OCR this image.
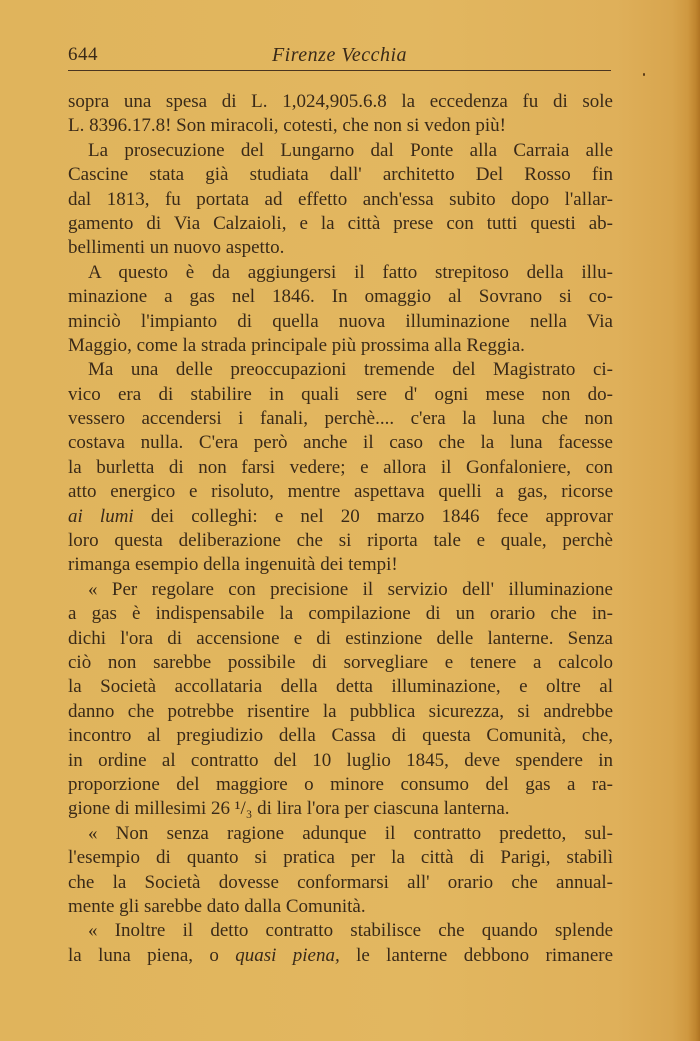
644	Firenze Vecchia
sopra una spesa di L. 1,024,905.6.8 la eccedenza fu di sole
L. 8396.17.8! Son miracoli, cotesti, che non si vedon più!
La prosecuzione del Lungarno dal Ponte alla Carraia alle
Cascine stata già studiata dall' architetto Del Rosso fin
dal 1813, fu portata ad effetto anch'essa subito dopo l'allar-
gamento di Via Calzaioli, e la città prese con tutti questi ab-
bellimenti un nuovo aspetto.
A questo è da aggiungersi il fatto strepitoso della illu-
minazione a gas nel 1846. In omaggio al Sovrano si co-
minciò l'impianto di quella nuova illuminazione nella Via
Maggio, come la strada principale più prossima alla Reggia.
Ma una delle preoccupazioni tremende del Magistrato ci-
vico era di stabilire in quali sere d' ogni mese non do-
vessero accendersi i fanali, perchè.... c'era la luna che non
costava nulla. C'era però anche il caso che la luna facesse
la burletta di non farsi vedere; e allora il Gonfaloniere, con
atto energico e risoluto, mentre aspettava quelli a gas, ricorse
ai lumi dei colleghi: e nel 20 marzo 1846 fece approvar
loro questa deliberazione che si riporta tale e quale, perchè
rimanga esempio della ingenuità dei tempi!
« Per regolare con precisione il servizio dell' illuminazione
a gas è indispensabile la compilazione di un orario che in-
dichi l'ora di accensione e di estinzione delle lanterne. Senza
ciò non sarebbe possibile di sorvegliare e tenere a calcolo
la Società accollataria della detta illuminazione, e oltre al
danno che potrebbe risentire la pubblica sicurezza, si andrebbe
incontro al pregiudizio della Cassa di questa Comunità, che,
in ordine al contratto del 10 luglio 1845, deve spendere in
proporzione del maggiore o minore consumo del gas a ra-
gione di millesimi 26 ¹/₃ di lira l'ora per ciascuna lanterna.
« Non senza ragione adunque il contratto predetto, sul-
l'esempio di quanto si pratica per la città di Parigi, stabilì
che la Società dovesse conformarsi all' orario che annual-
mente gli sarebbe dato dalla Comunità.
« Inoltre il detto contratto stabilisce che quando splende
la luna piena, o quasi piena, le lanterne debbono rimanere
